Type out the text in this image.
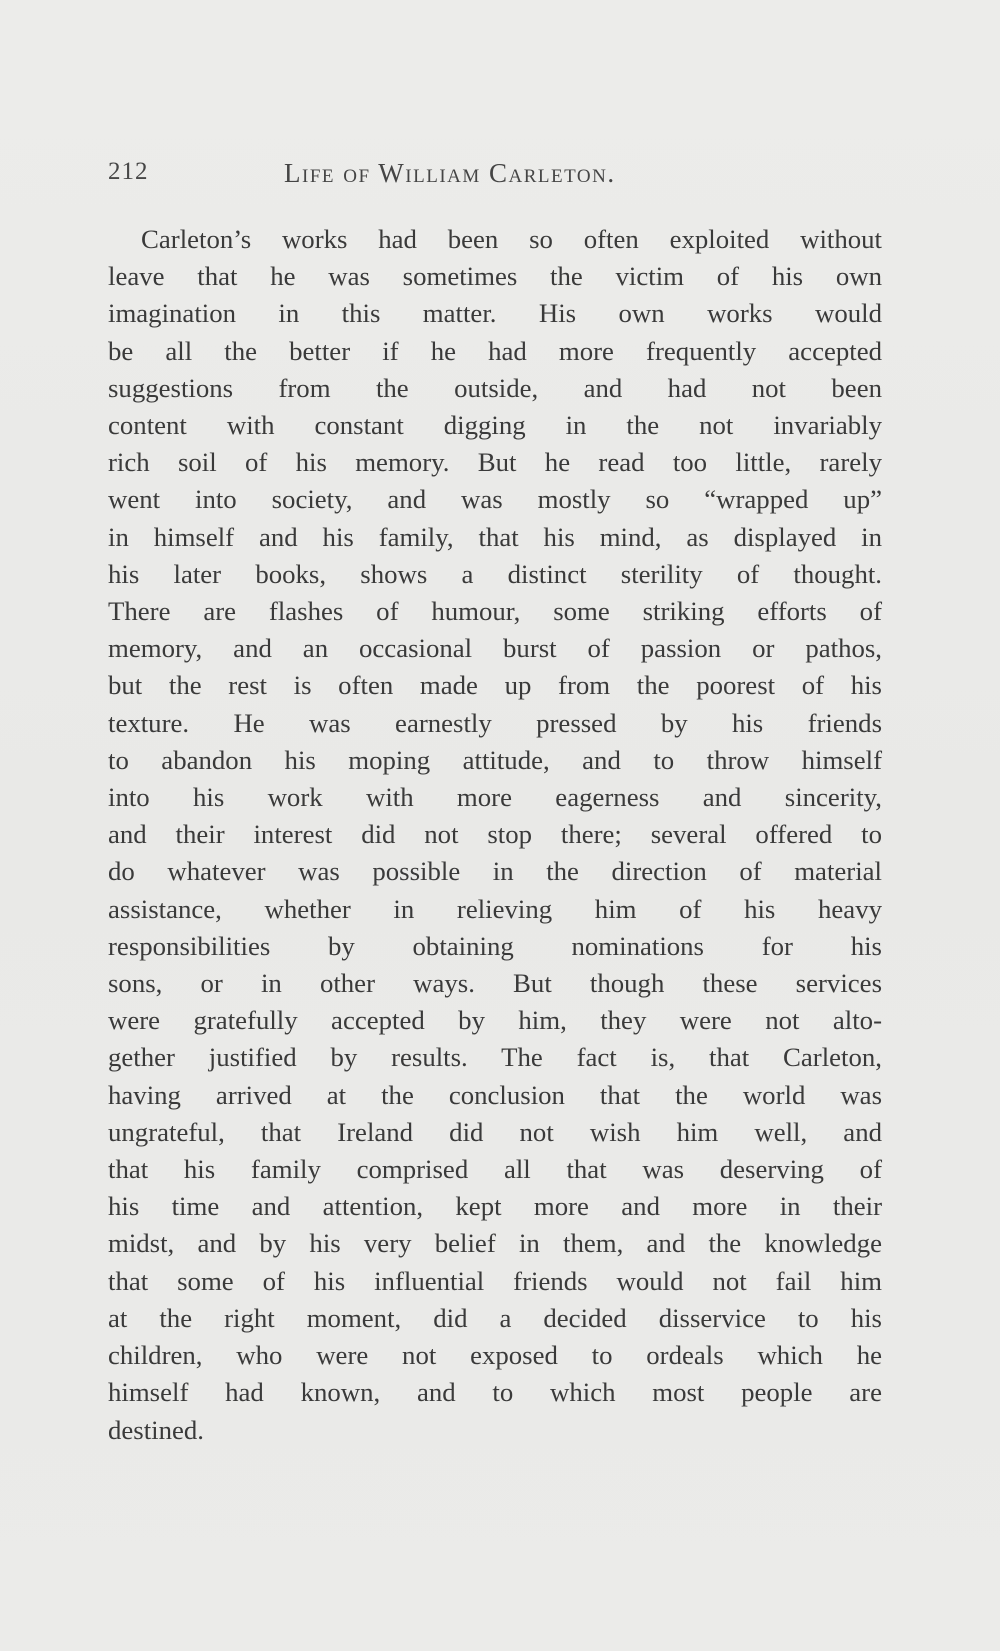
212	Life of William Carleton.
Carleton’s works had been so often exploited without
leave that he was sometimes the victim of his own
imagination in this matter. His own works would
be all the better if he had more frequently accepted
suggestions from the outside, and had not been
content with constant digging in the not invariably
rich soil of his memory. But he read too little, rarely
went into society, and was mostly so “wrapped up”
in himself and his family, that his mind, as displayed in
his later books, shows a distinct sterility of thought.
There are flashes of humour, some striking efforts of
memory, and an occasional burst of passion or pathos,
but the rest is often made up from the poorest of his
texture. He was earnestly pressed by his friends
to abandon his moping attitude, and to throw himself
into his work with more eagerness and sincerity,
and their interest did not stop there; several offered to
do whatever was possible in the direction of material
assistance, whether in relieving him of his heavy
responsibilities by obtaining nominations for his
sons, or in other ways. But though these services
were gratefully accepted by him, they were not alto-
gether justified by results. The fact is, that Carleton,
having arrived at the conclusion that the world was
ungrateful, that Ireland did not wish him well, and
that his family comprised all that was deserving of
his time and attention, kept more and more in their
midst, and by his very belief in them, and the knowledge
that some of his influential friends would not fail him
at the right moment, did a decided disservice to his
children, who were not exposed to ordeals which he
himself had known, and to which most people are
destined.
